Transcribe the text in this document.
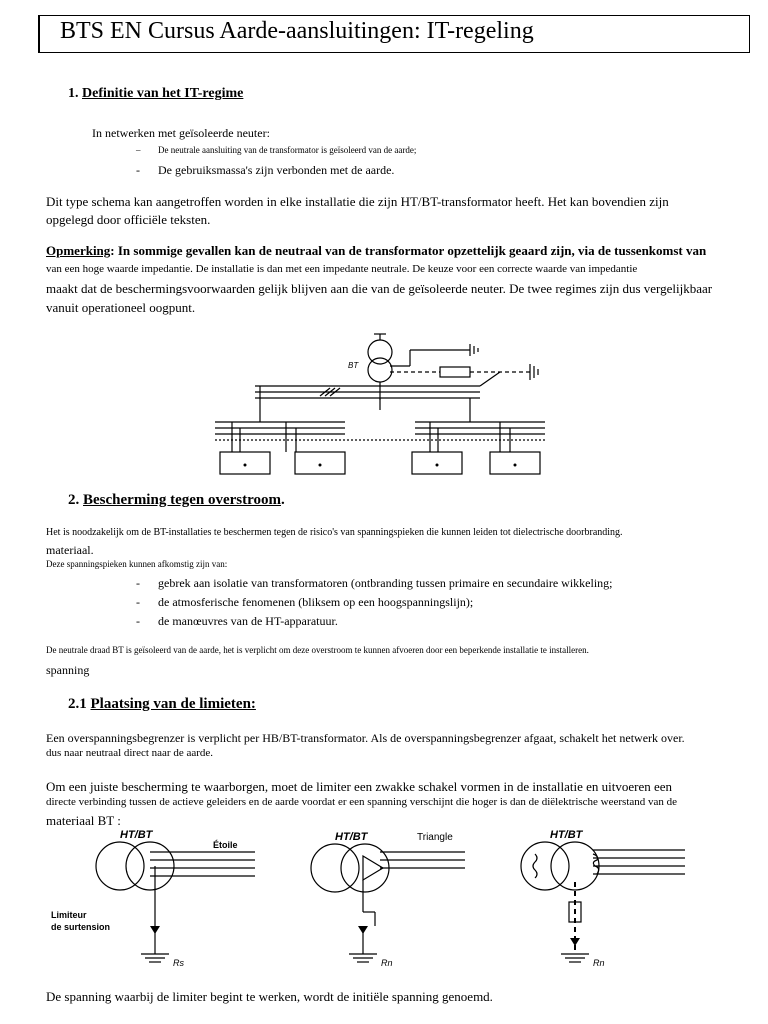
BTS EN Cursus Aarde-aansluitingen: IT-regeling
1. Definitie van het IT-regime
In netwerken met geïsoleerde neuter:
– De neutrale aansluiting van de transformator is geïsoleerd van de aarde;
- De gebruiksmassa's zijn verbonden met de aarde.
Dit type schema kan aangetroffen worden in elke installatie die zijn HT/BT-transformator heeft. Het kan bovendien zijn
opgelegd door officiële teksten.
Opmerking: In sommige gevallen kan de neutraal van de transformator opzettelijk geaard zijn, via de tussenkomst van
van een hoge waarde impedantie. De installatie is dan met een impedante neutrale. De keuze voor een correcte waarde van impedantie
maakt dat de beschermingsvoorwaarden gelijk blijven aan die van de geïsoleerde neuter. De twee regimes zijn dus vergelijkbaar
vanuit operationeel oogpunt.
BT
2. Bescherming tegen overstroom.
Het is noodzakelijk om de BT-installaties te beschermen tegen de risico's van spanningspieken die kunnen leiden tot dielectrische doorbranding.
materiaal.
Deze spanningspieken kunnen afkomstig zijn van:
- gebrek aan isolatie van transformatoren (ontbranding tussen primaire en secundaire wikkeling;
- de atmosferische fenomenen (bliksem op een hoogspanningslijn);
- de manœuvres van de HT-apparatuur.
De neutrale draad BT is geïsoleerd van de aarde, het is verplicht om deze overstroom te kunnen afvoeren door een beperkende installatie te installeren.
spanning
2.1 Plaatsing van de limieten:
Een overspanningsbegrenzer is verplicht per HB/BT-transformator. Als de overspanningsbegrenzer afgaat, schakelt het netwerk over.
dus naar neutraal direct naar de aarde.
Om een juiste bescherming te waarborgen, moet de limiter een zwakke schakel vormen in de installatie en uitvoeren een
directe verbinding tussen de actieve geleiders en de aarde voordat er een spanning verschijnt die hoger is dan de diëlektrische weerstand van de
materiaal BT :
HT/BT
Étoile
Limiteur
de surtension
Rs
HT/BT	Triangle
Rn
HT/BT
Rn
De spanning waarbij de limiter begint te werken, wordt de initiële spanning genoemd.
